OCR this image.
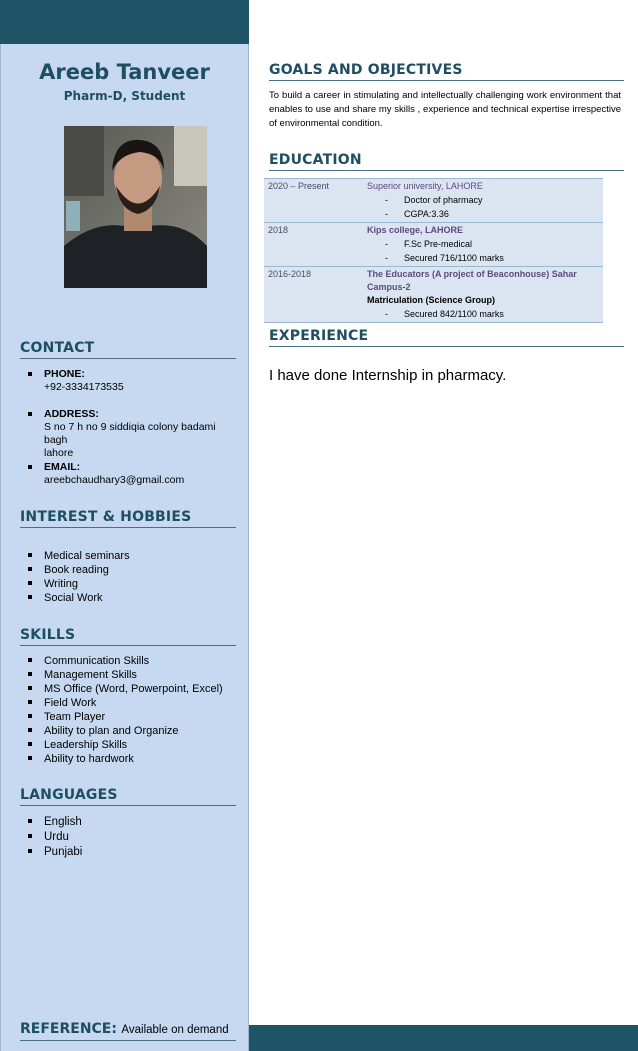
Areeb Tanveer
Pharm-D, Student
CONTACT
PHONE:
+92-3334173535
ADDRESS:
S no 7 h no 9 siddiqia colony badami bagh
lahore
EMAIL:
areebchaudhary3@gmail.com
INTEREST & HOBBIES
Medical seminars
Book reading
Writing
Social Work
SKILLS
Communication Skills
Management Skills
MS Office (Word, Powerpoint, Excel)
Field Work
Team Player
Ability to plan and Organize
Leadership Skills
Ability to hardwork
LANGUAGES
English
Urdu
Punjabi
REFERENCE: Available on demand
GOALS AND OBJECTIVES
To build a career in stimulating and intellectually challenging work environment that enables to use and share my skills , experience and technical expertise irrespective of environmental condition.
EDUCATION
2020 – Present	Superior university, LAHORE
- Doctor of pharmacy
- CGPA:3.36
2018	Kips college, LAHORE
- F.Sc Pre-medical
- Secured 716/1100 marks
2016-2018	The Educators (A project of Beaconhouse) Sahar Campus-2
Matriculation (Science Group)
- Secured 842/1100 marks
EXPERIENCE
I have done Internship in pharmacy.
